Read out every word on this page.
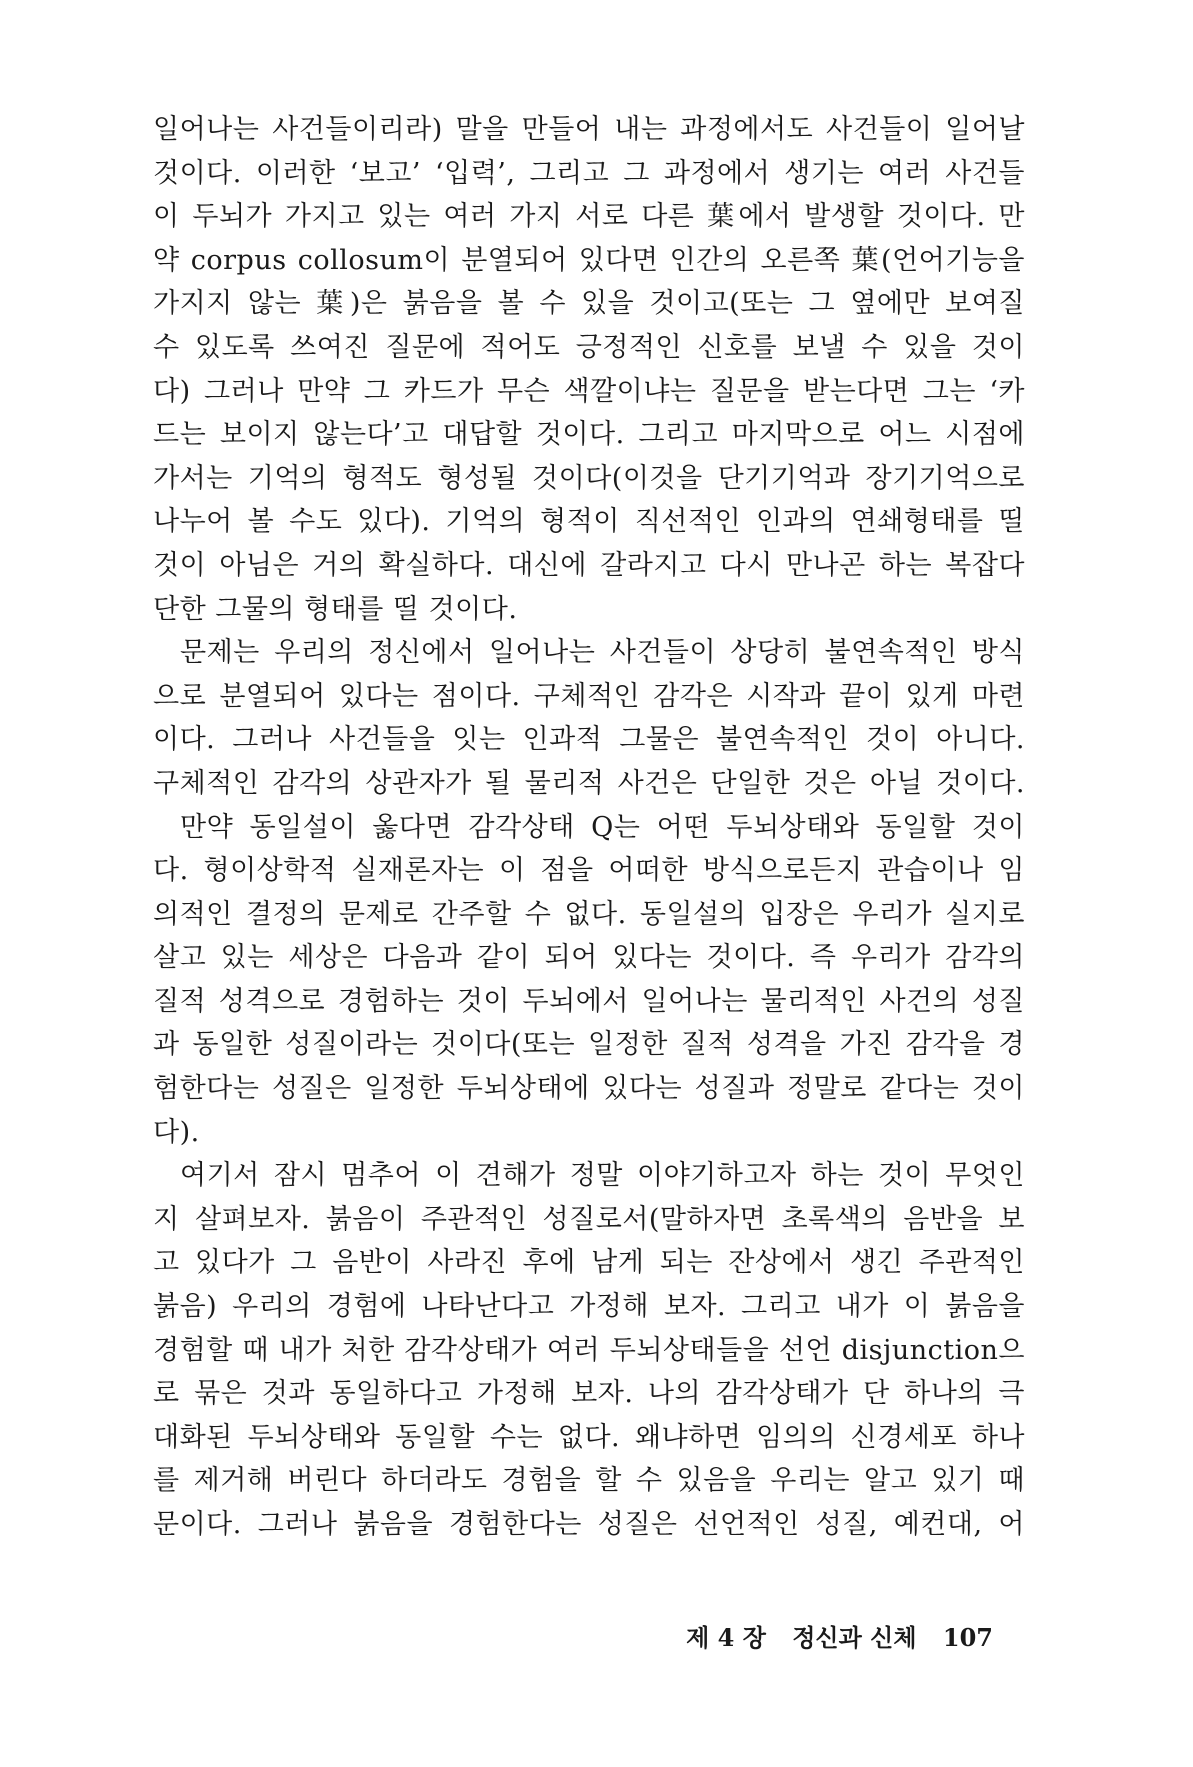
일어나는 사건들이리라) 말을 만들어 내는 과정에서도 사건들이 일어날
것이다. 이러한 ‘보고’ ‘입력’, 그리고 그 과정에서 생기는 여러 사건들
이 두뇌가 가지고 있는 여러 가지 서로 다른 葉에서 발생할 것이다. 만
약 corpus collosum이 분열되어 있다면 인간의 오른쪽 葉(언어기능을
가지지 않는 葉)은 붉음을 볼 수 있을 것이고(또는 그 옆에만 보여질
수 있도록 쓰여진 질문에 적어도 긍정적인 신호를 보낼 수 있을 것이
다) 그러나 만약 그 카드가 무슨 색깔이냐는 질문을 받는다면 그는 ‘카
드는 보이지 않는다’고 대답할 것이다. 그리고 마지막으로 어느 시점에
가서는 기억의 형적도 형성될 것이다(이것을 단기기억과 장기기억으로
나누어 볼 수도 있다). 기억의 형적이 직선적인 인과의 연쇄형태를 띨
것이 아님은 거의 확실하다. 대신에 갈라지고 다시 만나곤 하는 복잡다
단한 그물의 형태를 띨 것이다.
문제는 우리의 정신에서 일어나는 사건들이 상당히 불연속적인 방식
으로 분열되어 있다는 점이다. 구체적인 감각은 시작과 끝이 있게 마련
이다. 그러나 사건들을 잇는 인과적 그물은 불연속적인 것이 아니다.
구체적인 감각의 상관자가 될 물리적 사건은 단일한 것은 아닐 것이다.
만약 동일설이 옳다면 감각상태 Q는 어떤 두뇌상태와 동일할 것이
다. 형이상학적 실재론자는 이 점을 어떠한 방식으로든지 관습이나 임
의적인 결정의 문제로 간주할 수 없다. 동일설의 입장은 우리가 실지로
살고 있는 세상은 다음과 같이 되어 있다는 것이다. 즉 우리가 감각의
질적 성격으로 경험하는 것이 두뇌에서 일어나는 물리적인 사건의 성질
과 동일한 성질이라는 것이다(또는 일정한 질적 성격을 가진 감각을 경
험한다는 성질은 일정한 두뇌상태에 있다는 성질과 정말로 같다는 것이
다).
여기서 잠시 멈추어 이 견해가 정말 이야기하고자 하는 것이 무엇인
지 살펴보자. 붉음이 주관적인 성질로서(말하자면 초록색의 음반을 보
고 있다가 그 음반이 사라진 후에 남게 되는 잔상에서 생긴 주관적인
붉음) 우리의 경험에 나타난다고 가정해 보자. 그리고 내가 이 붉음을
경험할 때 내가 처한 감각상태가 여러 두뇌상태들을 선언 disjunction으
로 묶은 것과 동일하다고 가정해 보자. 나의 감각상태가 단 하나의 극
대화된 두뇌상태와 동일할 수는 없다. 왜냐하면 임의의 신경세포 하나
를 제거해 버린다 하더라도 경험을 할 수 있음을 우리는 알고 있기 때
문이다. 그러나 붉음을 경험한다는 성질은 선언적인 성질, 예컨대, 어
제 4 장 정신과 신체 107
